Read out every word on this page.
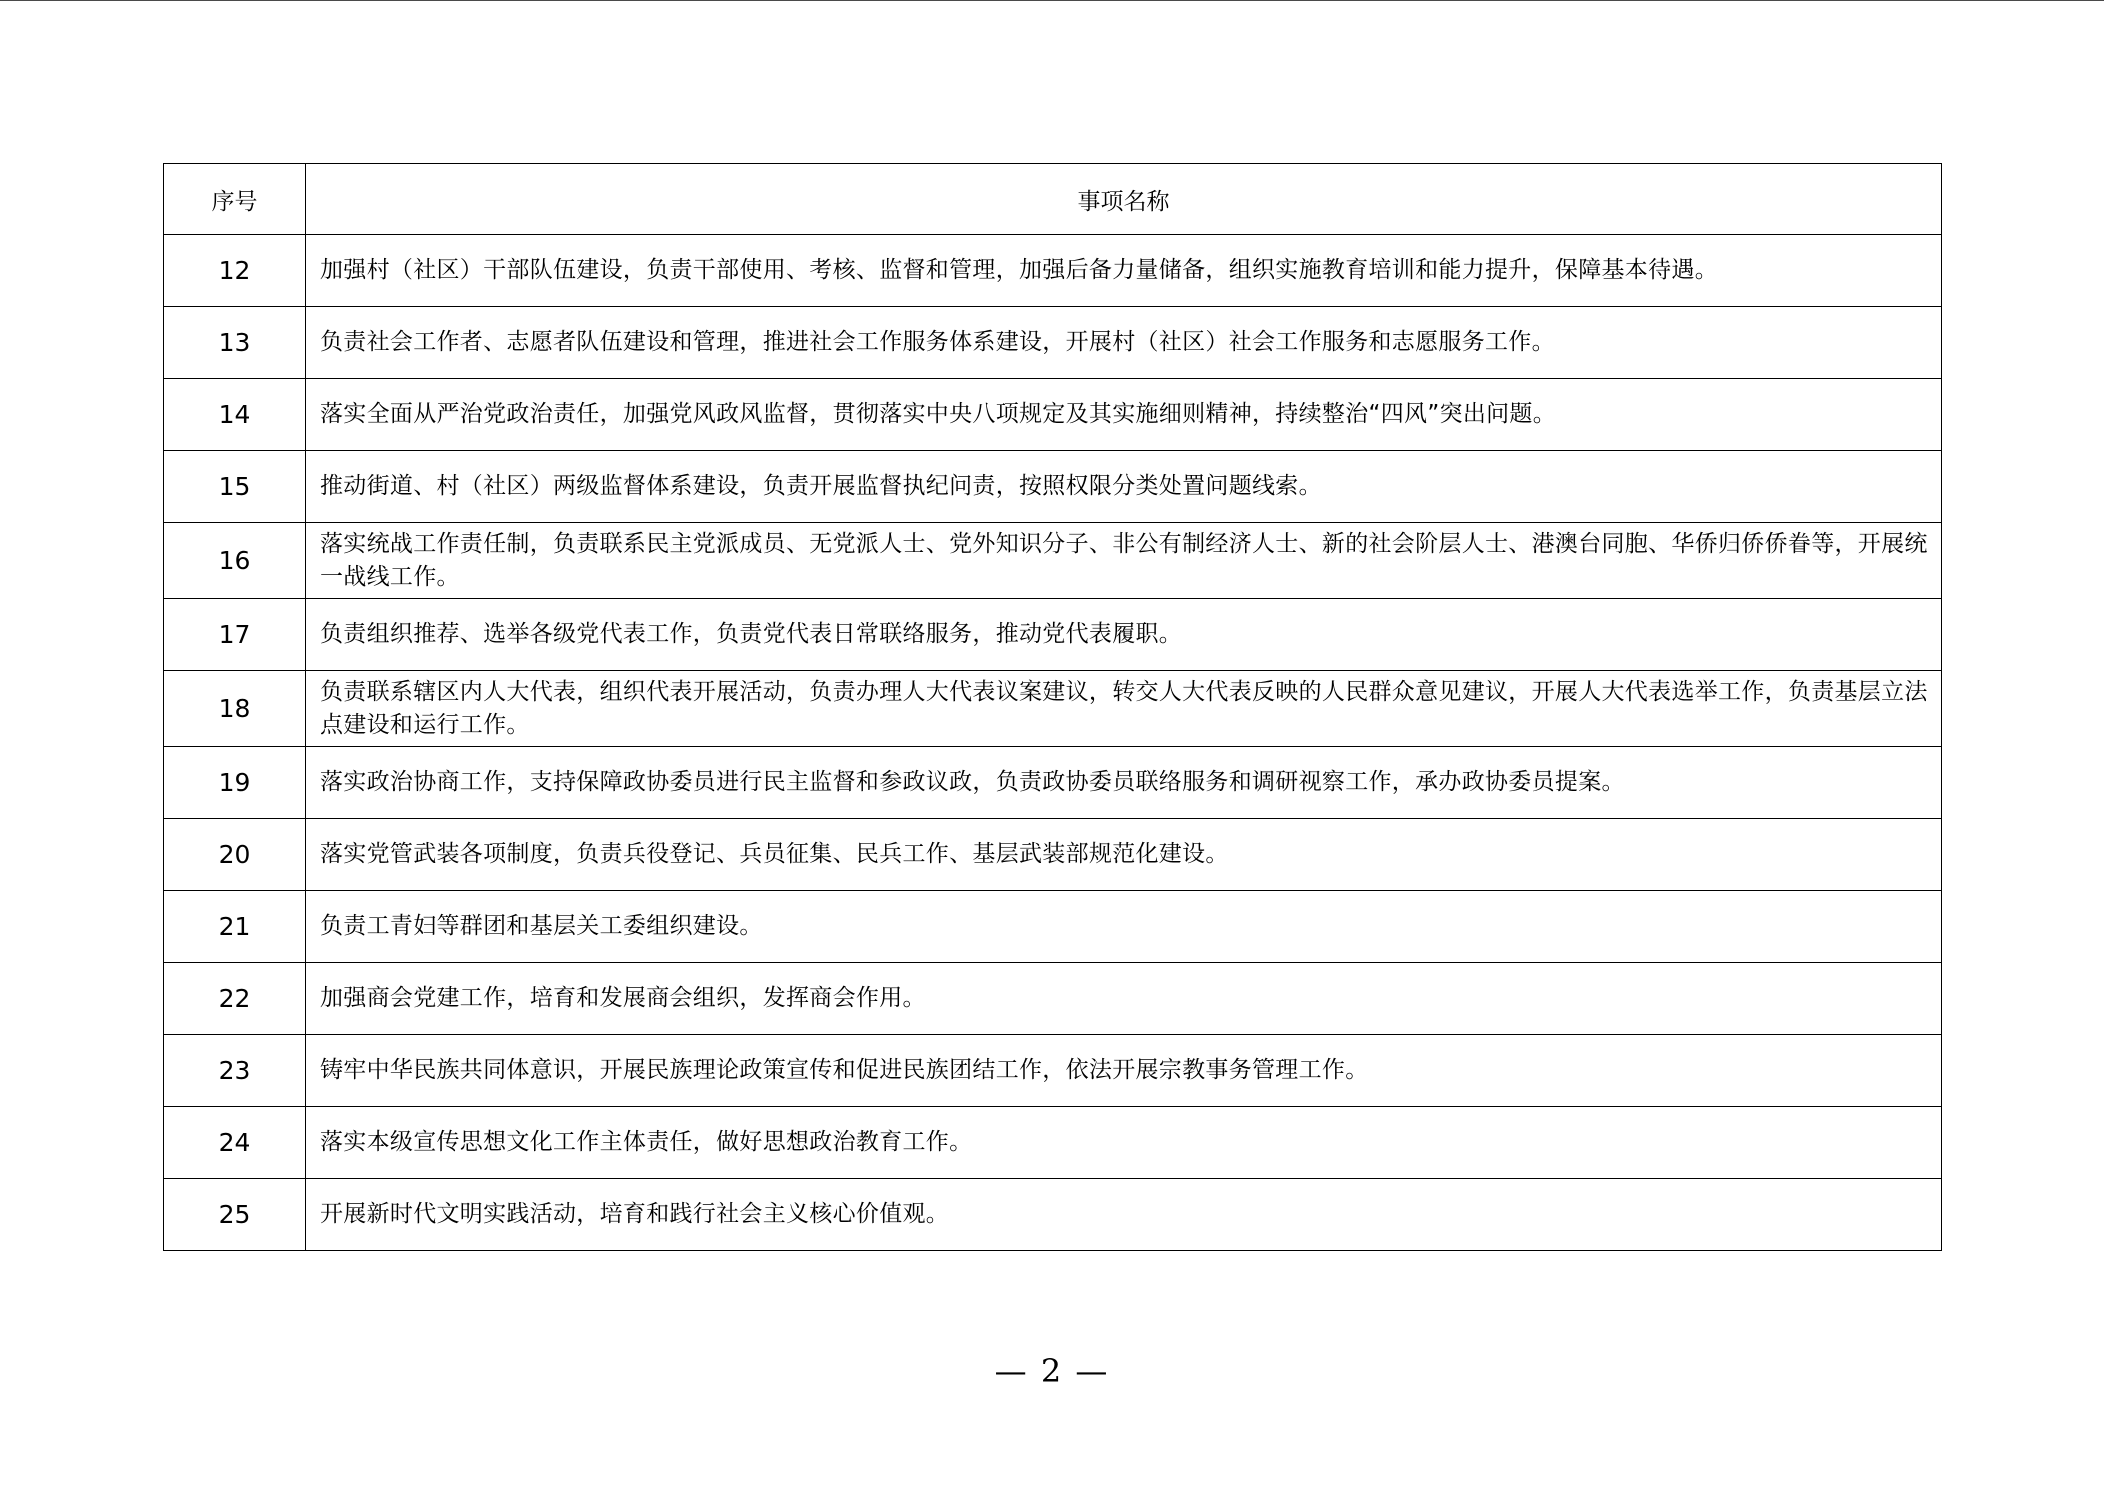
序号	事项名称
12	加强村（社区）干部队伍建设，负责干部使用、考核、监督和管理，加强后备力量储备，组织实施教育培训和能力提升，保障基本待遇。
13	负责社会工作者、志愿者队伍建设和管理，推进社会工作服务体系建设，开展村（社区）社会工作服务和志愿服务工作。
14	落实全面从严治党政治责任，加强党风政风监督，贯彻落实中央八项规定及其实施细则精神，持续整治“四风”突出问题。
15	推动街道、村（社区）两级监督体系建设，负责开展监督执纪问责，按照权限分类处置问题线索。
16	落实统战工作责任制，负责联系民主党派成员、无党派人士、党外知识分子、非公有制经济人士、新的社会阶层人士、港澳台同胞、华侨归侨侨眷等，开展统一战线工作。
17	负责组织推荐、选举各级党代表工作，负责党代表日常联络服务，推动党代表履职。
18	负责联系辖区内人大代表，组织代表开展活动，负责办理人大代表议案建议，转交人大代表反映的人民群众意见建议，开展人大代表选举工作，负责基层立法点建设和运行工作。
19	落实政治协商工作，支持保障政协委员进行民主监督和参政议政，负责政协委员联络服务和调研视察工作，承办政协委员提案。
20	落实党管武装各项制度，负责兵役登记、兵员征集、民兵工作、基层武装部规范化建设。
21	负责工青妇等群团和基层关工委组织建设。
22	加强商会党建工作，培育和发展商会组织，发挥商会作用。
23	铸牢中华民族共同体意识，开展民族理论政策宣传和促进民族团结工作，依法开展宗教事务管理工作。
24	落实本级宣传思想文化工作主体责任，做好思想政治教育工作。
25	开展新时代文明实践活动，培育和践行社会主义核心价值观。
— 2 —
